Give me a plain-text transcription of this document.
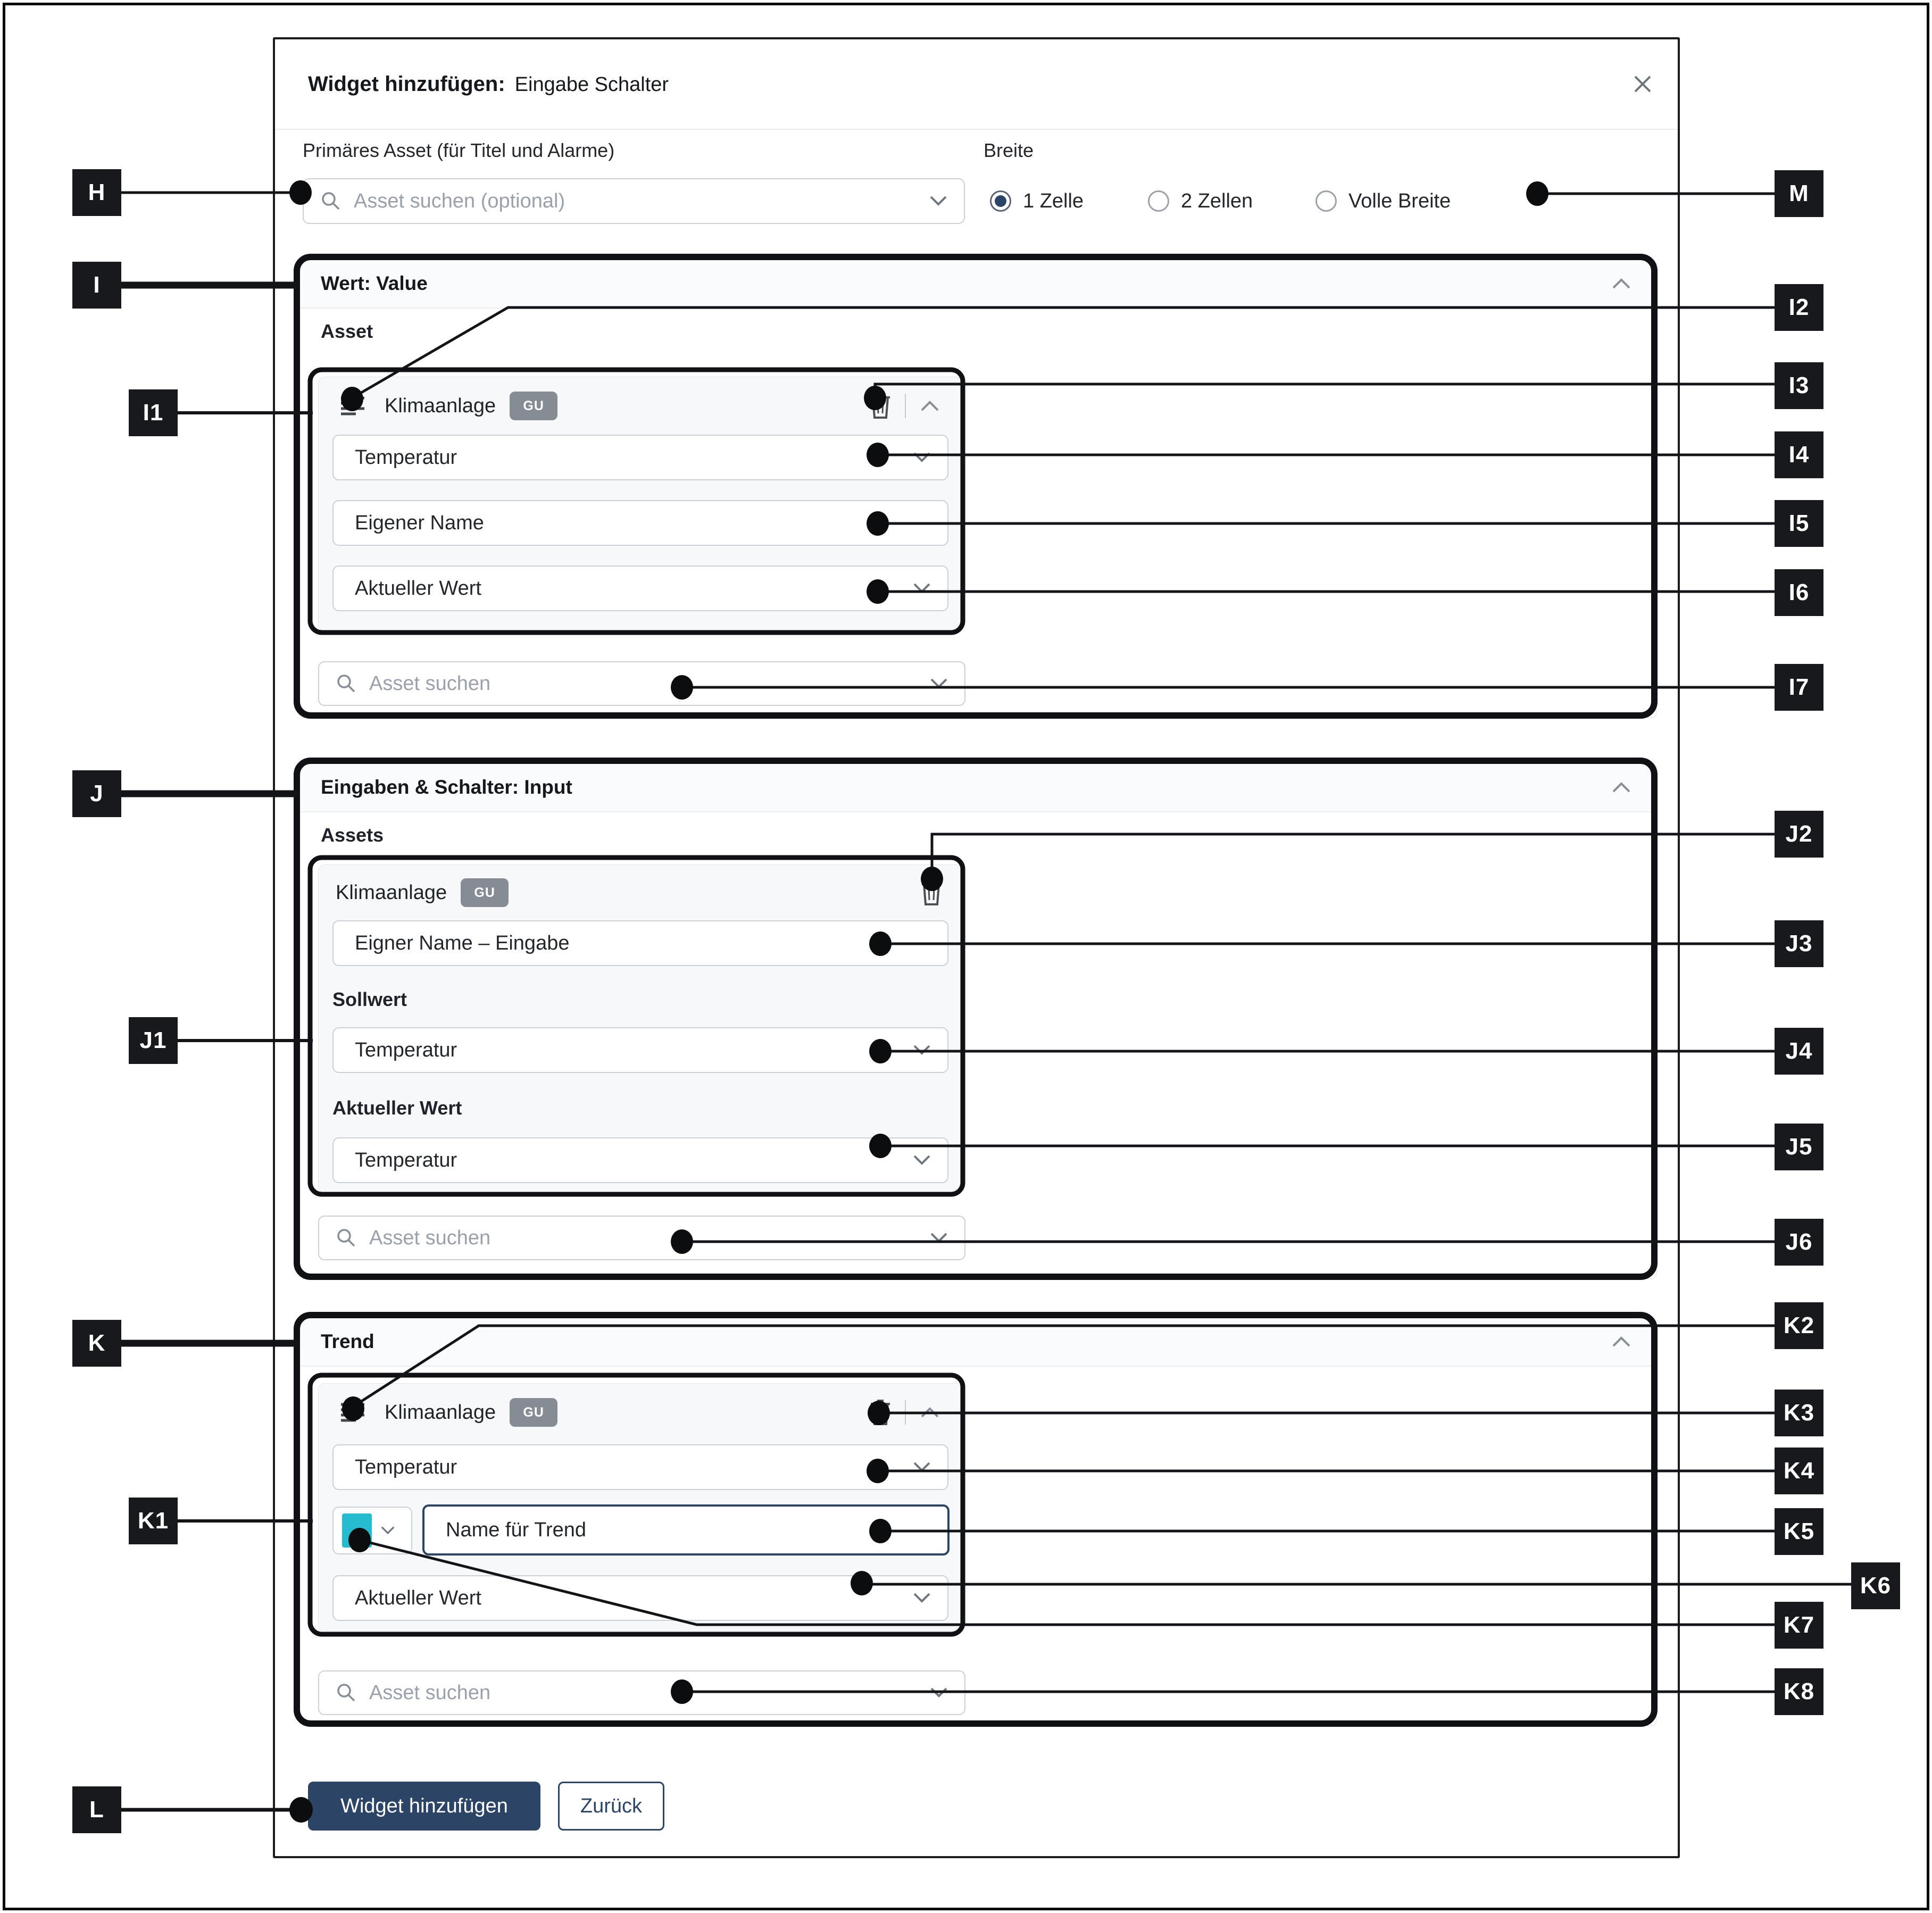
Widget hinzufügen: Eingabe Schalter
Primäres Asset (für Titel und Alarme)
Asset suchen (optional)
Breite
1 Zelle	2 Zellen	Volle Breite
Wert: Value
Asset
Klimaanlage	GU
Temperatur
Eigener Name
Aktueller Wert
Asset suchen
Eingaben & Schalter: Input
Assets
Klimaanlage	GU
Eigner Name – Eingabe
Sollwert
Temperatur
Aktueller Wert
Temperatur
Asset suchen
Trend
Klimaanlage	GU
Temperatur
Name für Trend
Aktueller Wert
Asset suchen
Widget hinzufügen	Zurück
H
I
I1
J
J1
K
K1
L
M
I2
I3
I4
I5
I6
I7
J2
J3
J4
J5
J6
K2
K3
K4
K5
K6
K7
K8
